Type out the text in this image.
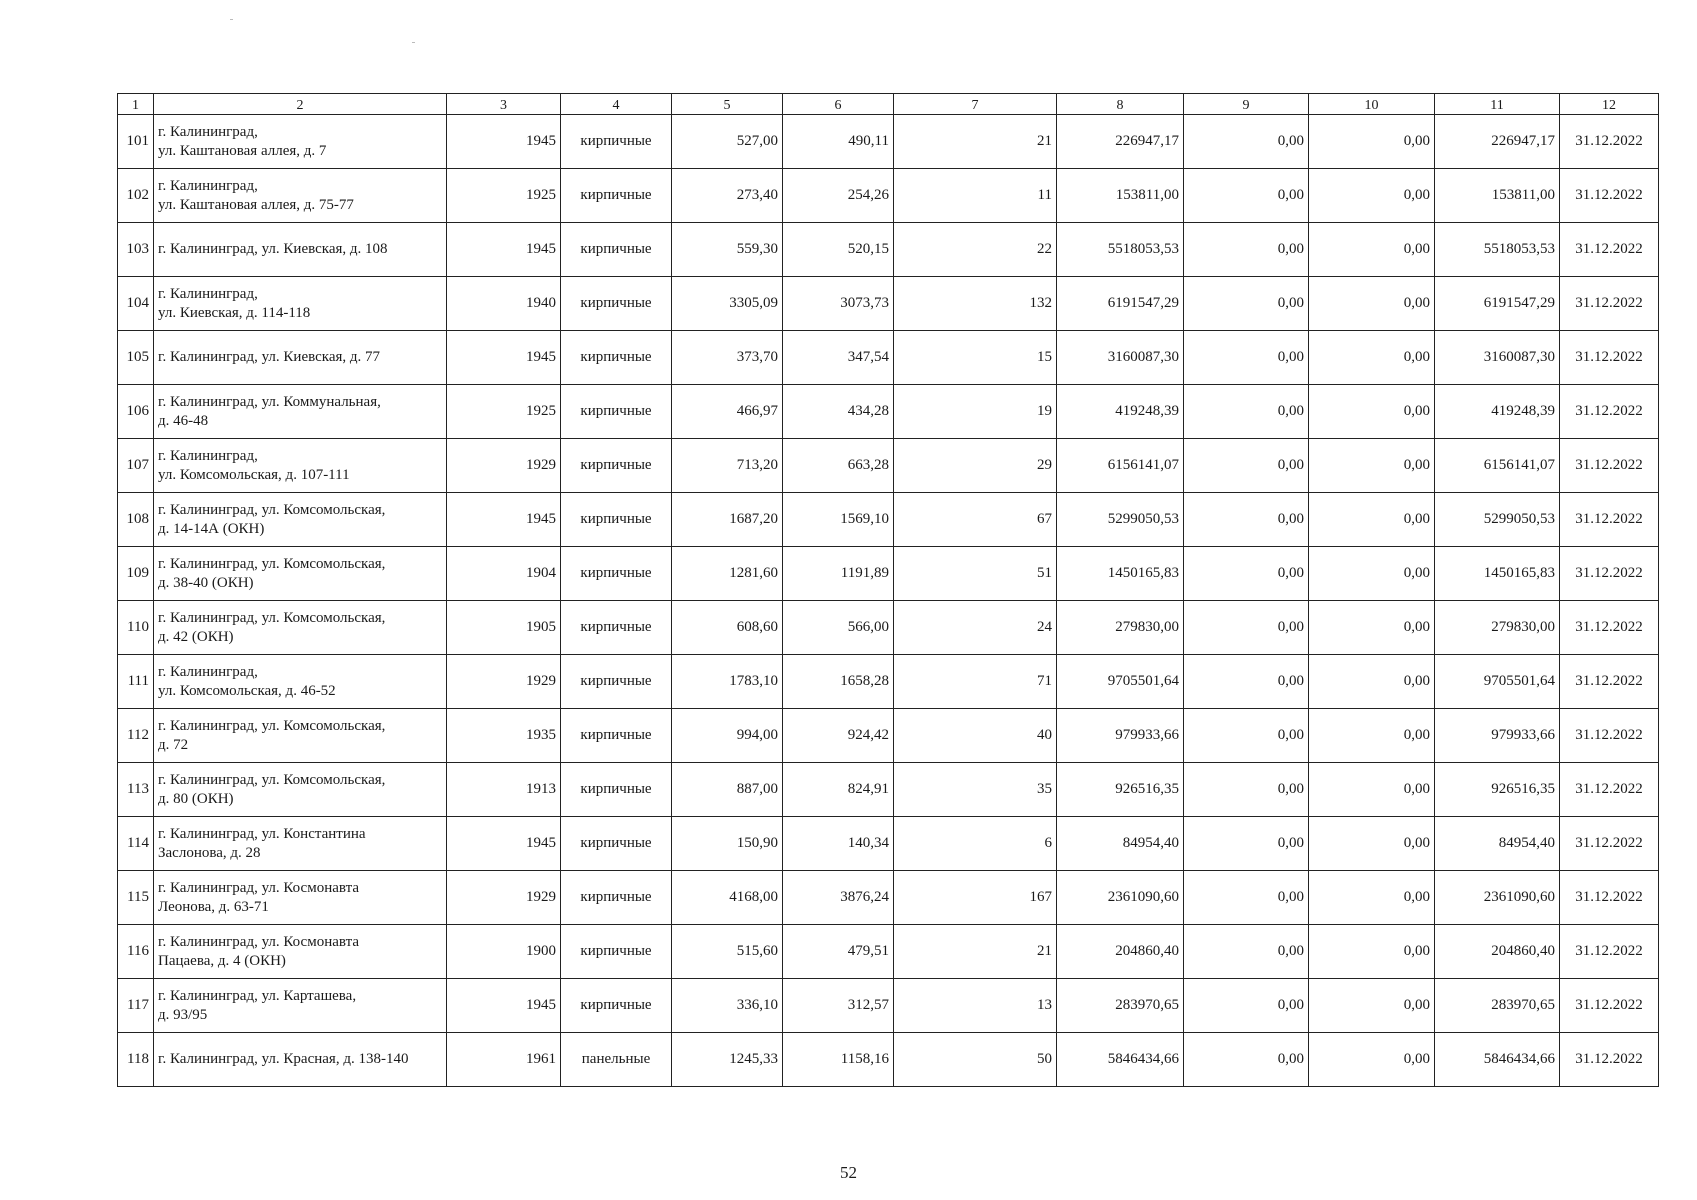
1	2	3	4	5	6	7	8	9	10	11	12
101	г. Калининград,
ул. Каштановая аллея, д. 7	1945	кирпичные	527,00	490,11	21	226947,17	0,00	0,00	226947,17	31.12.2022
102	г. Калининград,
ул. Каштановая аллея, д. 75-77	1925	кирпичные	273,40	254,26	11	153811,00	0,00	0,00	153811,00	31.12.2022
103	г. Калининград, ул. Киевская, д. 108	1945	кирпичные	559,30	520,15	22	5518053,53	0,00	0,00	5518053,53	31.12.2022
104	г. Калининград,
ул. Киевская, д. 114-118	1940	кирпичные	3305,09	3073,73	132	6191547,29	0,00	0,00	6191547,29	31.12.2022
105	г. Калининград, ул. Киевская, д. 77	1945	кирпичные	373,70	347,54	15	3160087,30	0,00	0,00	3160087,30	31.12.2022
106	г. Калининград, ул. Коммунальная,
д. 46-48	1925	кирпичные	466,97	434,28	19	419248,39	0,00	0,00	419248,39	31.12.2022
107	г. Калининград,
ул. Комсомольская, д. 107-111	1929	кирпичные	713,20	663,28	29	6156141,07	0,00	0,00	6156141,07	31.12.2022
108	г. Калининград, ул. Комсомольская,
д. 14-14А (ОКН)	1945	кирпичные	1687,20	1569,10	67	5299050,53	0,00	0,00	5299050,53	31.12.2022
109	г. Калининград, ул. Комсомольская,
д. 38-40 (ОКН)	1904	кирпичные	1281,60	1191,89	51	1450165,83	0,00	0,00	1450165,83	31.12.2022
110	г. Калининград, ул. Комсомольская,
д. 42 (ОКН)	1905	кирпичные	608,60	566,00	24	279830,00	0,00	0,00	279830,00	31.12.2022
111	г. Калининград,
ул. Комсомольская, д. 46-52	1929	кирпичные	1783,10	1658,28	71	9705501,64	0,00	0,00	9705501,64	31.12.2022
112	г. Калининград, ул. Комсомольская,
д. 72	1935	кирпичные	994,00	924,42	40	979933,66	0,00	0,00	979933,66	31.12.2022
113	г. Калининград, ул. Комсомольская,
д. 80 (ОКН)	1913	кирпичные	887,00	824,91	35	926516,35	0,00	0,00	926516,35	31.12.2022
114	г. Калининград, ул. Константина
Заслонова, д. 28	1945	кирпичные	150,90	140,34	6	84954,40	0,00	0,00	84954,40	31.12.2022
115	г. Калининград, ул. Космонавта
Леонова, д. 63-71	1929	кирпичные	4168,00	3876,24	167	2361090,60	0,00	0,00	2361090,60	31.12.2022
116	г. Калининград, ул. Космонавта
Пацаева, д. 4 (ОКН)	1900	кирпичные	515,60	479,51	21	204860,40	0,00	0,00	204860,40	31.12.2022
117	г. Калининград, ул. Карташева,
д. 93/95	1945	кирпичные	336,10	312,57	13	283970,65	0,00	0,00	283970,65	31.12.2022
118	г. Калининград, ул. Красная, д. 138-140	1961	панельные	1245,33	1158,16	50	5846434,66	0,00	0,00	5846434,66	31.12.2022
52
